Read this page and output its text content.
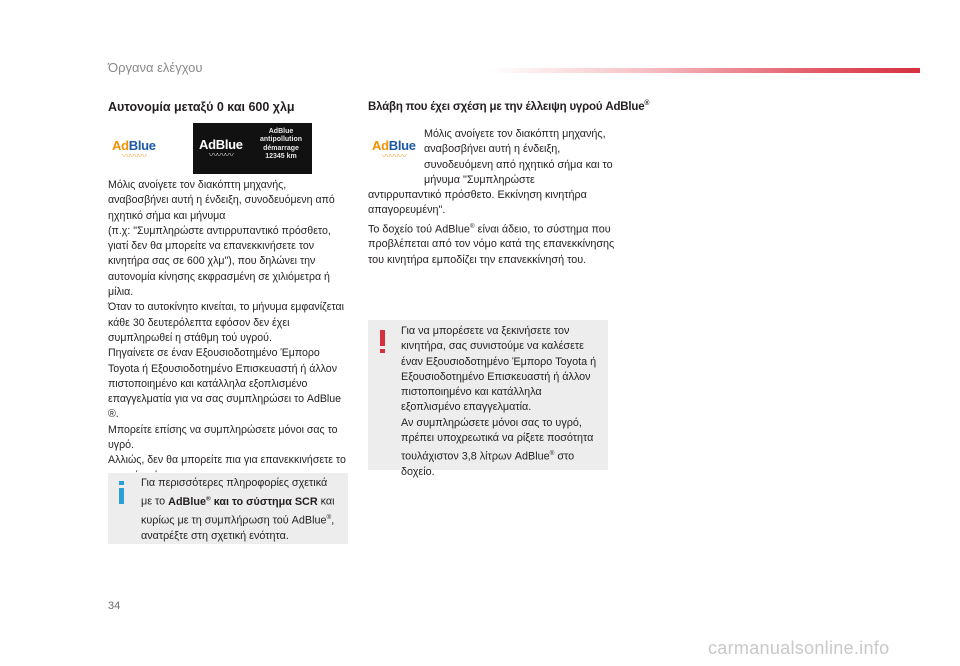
Όργανα ελέγχου
Αυτονομία μεταξύ 0 και 600 χλμ
AdBlue
〰〰〰
AdBlue
〰〰〰
AdBlue
antipollution
démarrage
12345 km

Μόλις ανοίγετε τον διακόπτη μηχανής, αναβοσβήνει αυτή η ένδειξη, συνοδευόμενη από ηχητικό σήμα και μήνυμα

(π.χ: "Συμπληρώστε αντιρρυπαντικό πρόσθετο, γιατί δεν θα μπορείτε να επανεκκινήσετε τον κινητήρα σας σε 600 χλμ"), που δηλώνει την αυτονομία κίνησης εκφρασμένη σε χιλιόμετρα ή μίλια.

Όταν το αυτοκίνητο κινείται, το μήνυμα εμφανίζεται κάθε 30 δευτερόλεπτα εφόσον δεν έχει συμπληρωθεί η στάθμη τού υγρού.

Πηγαίνετε σε έναν Εξουσιοδοτημένο Έμπορο Toyota ή Εξουσιοδοτημένο Επισκευαστή ή άλλον πιστοποιημένο και κατάλληλα εξοπλισμένο επαγγελματία για να σας συμπληρώσει το AdBlue ®.

Μπορείτε επίσης να συμπληρώσετε μόνοι σας το υγρό.

Αλλιώς, δεν θα μπορείτε πια για επανεκκινήσετε το

Για περισσότερες πληροφορίες σχετικά με το AdBlue® και το σύστημα SCR και κυρίως με τη συμπλήρωση τού AdBlue®, ανατρέξτε στη σχετική ενότητα.
Βλάβη που έχει σχέση με την έλλειψη υγρού AdBlue®
AdBlue
〰〰〰

Μόλις ανοίγετε τον διακόπτη μηχανής, αναβοσβήνει αυτή η ένδειξη, συνοδευόμενη από ηχητικό σήμα και το μήνυμα "Συμπληρώστε

αντιρρυπαντικό πρόσθετο. Εκκίνηση κινητήρα απαγορευμένη".

Το δοχείο τού AdBlue® είναι άδειο, το σύστημα που προβλέπεται από τον νόμο κατά της επανεκκίνησης του κινητήρα εμποδίζει την επανεκκίνησή του.

Για να μπορέσετε να ξεκινήσετε τον κινητήρα, σας συνιστούμε να καλέσετε έναν Εξουσιοδοτημένο Έμπορο Toyota ή Εξουσιοδοτημένο Επισκευαστή ή άλλον πιστοποιημένο και κατάλληλα εξοπλισμένο επαγγελματία.

Αν συμπληρώσετε μόνοι σας το υγρό, πρέπει υποχρεωτικά να ρίξετε ποσότητα τουλάχιστον 3,8 λίτρων AdBlue® στο δοχείο.

34
carmanualsonline.info
